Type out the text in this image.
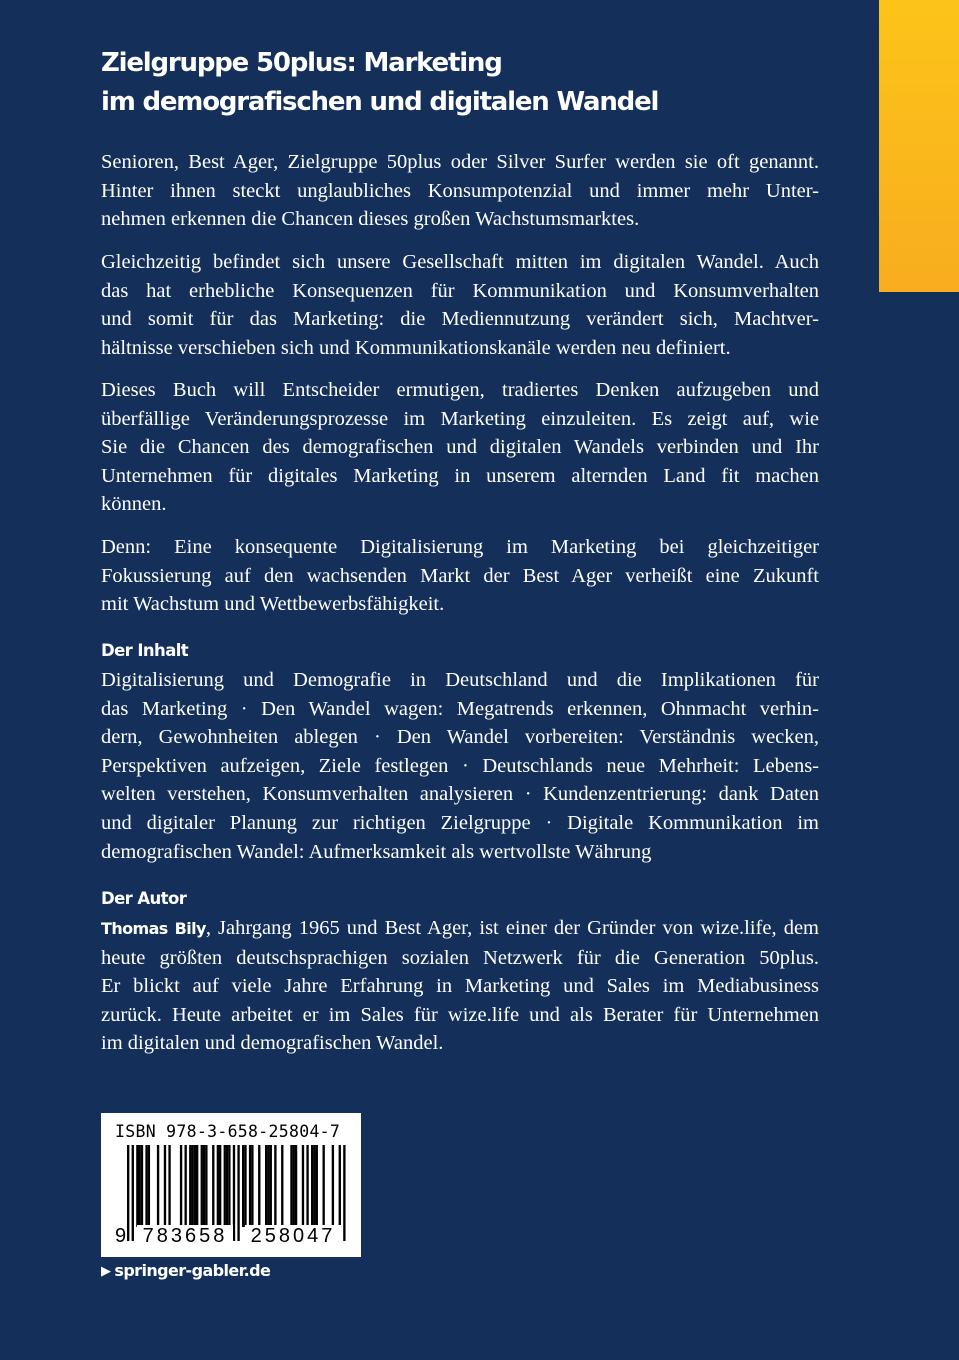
Zielgruppe 50plus: Marketing
im demografischen und digitalen Wandel

Senioren, Best Ager, Zielgruppe 50plus oder Silver Surfer werden sie oft genannt.
Hinter ihnen steckt unglaubliches Konsumpotenzial und immer mehr Unter-
nehmen erkennen die Chancen dieses großen Wachstumsmarktes.

Gleichzeitig befindet sich unsere Gesellschaft mitten im digitalen Wandel. Auch
das hat erhebliche Konsequenzen für Kommunikation und Konsumverhalten
und somit für das Marketing: die Mediennutzung verändert sich, Machtver-
hältnisse verschieben sich und Kommunikationskanäle werden neu definiert.

Dieses Buch will Entscheider ermutigen, tradiertes Denken aufzugeben und
überfällige Veränderungsprozesse im Marketing einzuleiten. Es zeigt auf, wie
Sie die Chancen des demografischen und digitalen Wandels verbinden und Ihr
Unternehmen für digitales Marketing in unserem alternden Land fit machen
können.

Denn: Eine konsequente Digitalisierung im Marketing bei gleichzeitiger
Fokussierung auf den wachsenden Markt der Best Ager verheißt eine Zukunft
mit Wachstum und Wettbewerbsfähigkeit.

Der Inhalt

Digitalisierung und Demografie in Deutschland und die Implikationen für
das Marketing · Den Wandel wagen: Megatrends erkennen, Ohnmacht verhin-
dern, Gewohnheiten ablegen · Den Wandel vorbereiten: Verständnis wecken,
Perspektiven aufzeigen, Ziele festlegen · Deutschlands neue Mehrheit: Lebens-
welten verstehen, Konsumverhalten analysieren · Kundenzentrierung: dank Daten
und digitaler Planung zur richtigen Zielgruppe · Digitale Kommunikation im
demografischen Wandel: Aufmerksamkeit als wertvollste Währung

Der Autor

Thomas Bily, Jahrgang 1965 und Best Ager, ist einer der Gründer von wize.life, dem
heute größten deutschsprachigen sozialen Netzwerk für die Generation 50plus.
Er blickt auf viele Jahre Erfahrung in Marketing und Sales im Mediabusiness
zurück. Heute arbeitet er im Sales für wize.life und als Berater für Unternehmen
im digitalen und demografischen Wandel.

ISBN 978-3-658-25804-7
9 783658 258047
▶ springer-gabler.de
